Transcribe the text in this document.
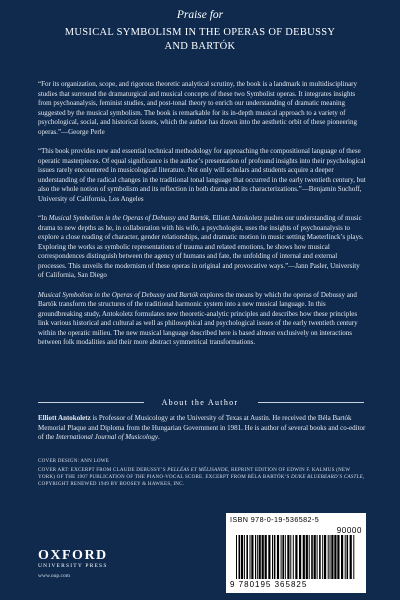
Praise for
MUSICAL SYMBOLISM IN THE OPERAS OF DEBUSSY
AND BARTÓK

“For its organization, scope, and rigorous theoretic analytical scrutiny, the book is a landmark in multidisciplinary studies that surround the dramaturgical and musical concepts of these two Symbolist operas. It integrates insights from psychoanalysis, feminist studies, and post-tonal theory to enrich our understanding of dramatic meaning suggested by the musical symbolism. The book is remarkable for its in-depth musical approach to a variety of psychological, social, and historical issues, which the author has drawn into the aesthetic orbit of these pioneering operas.”—George Perle

“This book provides new and essential technical methodology for approaching the compositional language of these operatic masterpieces. Of equal significance is the author’s presentation of profound insights into their psychological issues rarely encountered in musicological literature. Not only will scholars and students acquire a deeper understanding of the radical changes in the traditional tonal language that occurred in the early twentieth century, but also the whole notion of symbolism and its reflection in both drama and its characterizations.”—Benjamin Suchoff, University of California, Los Angeles

“In Musical Symbolism in the Operas of Debussy and Bartók, Elliott Antokoletz pushes our understanding of music drama to new depths as he, in collaboration with his wife, a psychologist, uses the insights of psychoanalysis to explore a close reading of character, gender relationships, and dramatic motion in music setting Maeterlinck’s plays. Exploring the works as symbolic representations of trauma and related emotions, he shows how musical correspondences distinguish between the agency of humans and fate, the unfolding of internal and external processes. This unveils the modernism of these operas in original and provocative ways.”—Jann Pasler, University of California, San Diego

Musical Symbolism in the Operas of Debussy and Bartók explores the means by which the operas of Debussy and Bartók transform the structures of the traditional harmonic system into a new musical language. In this groundbreaking study, Antokoletz formulates new theoretic-analytic principles and describes how these principles link various historical and cultural as well as philosophical and psychological issues of the early twentieth century within the operatic milieu. The new musical language described here is based almost exclusively on interactions between folk modalities and their more abstract symmetrical transformations.

About the Author

Elliott Antokoletz is Professor of Musicology at the University of Texas at Austin. He received the Béla Bartók Memorial Plaque and Diploma from the Hungarian Government in 1981. He is author of several books and co-editor of the International Journal of Musicology.

COVER DESIGN: ANN LOWE

COVER ART: EXCERPT FROM CLAUDE DEBUSSY’S PELLÉAS ET MÉLISANDE, REPRINT EDITION OF EDWIN F. KALMUS (NEW YORK) OF THE 1907 PUBLICATION OF THE PIANO-VOCAL SCORE. EXCERPT FROM BÉLA BARTÓK’S DUKE BLUEBEARD’S CASTLE, COPYRIGHT RENEWED 1949 BY BOOSEY & HAWKES, INC.

OXFORD
UNIVERSITY PRESS
www.oup.com
ISBN 978-0-19-536582-5
90000
9 780195 365825
